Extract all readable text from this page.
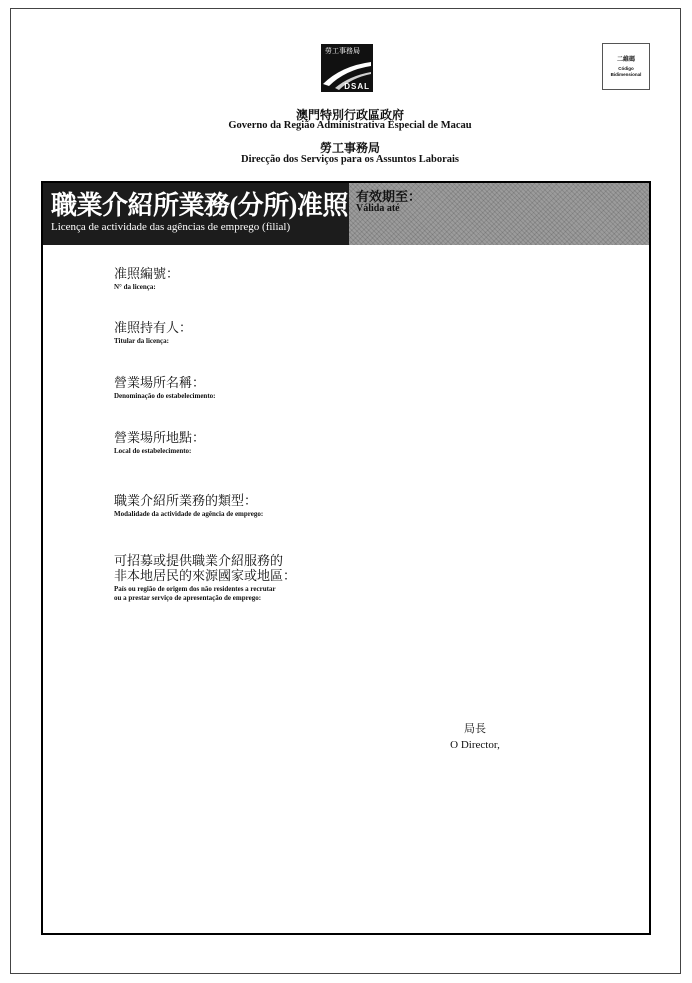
勞工事務局
DSAL
二維碼
Código Bidimensional
澳門特別行政區政府
Governo da Região Administrativa Especial de Macau
勞工事務局
Direcção dos Serviços para os Assuntos Laborais
職業介紹所業務(分所)准照
Licença de actividade das agências de emprego (filial)
有效期至：
Válida até
准照編號：
N° da licença:
准照持有人：
Titular da licença:
營業場所名稱：
Denominação do estabelecimento:
營業場所地點：
Local do estabelecimento:
職業介紹所業務的類型：
Modalidade da actividade de agência de emprego:
可招募或提供職業介紹服務的
非本地居民的來源國家或地區：
País ou região de origem dos não residentes a recrutar
ou a prestar serviço de apresentação de emprego:
局長
O Director,
